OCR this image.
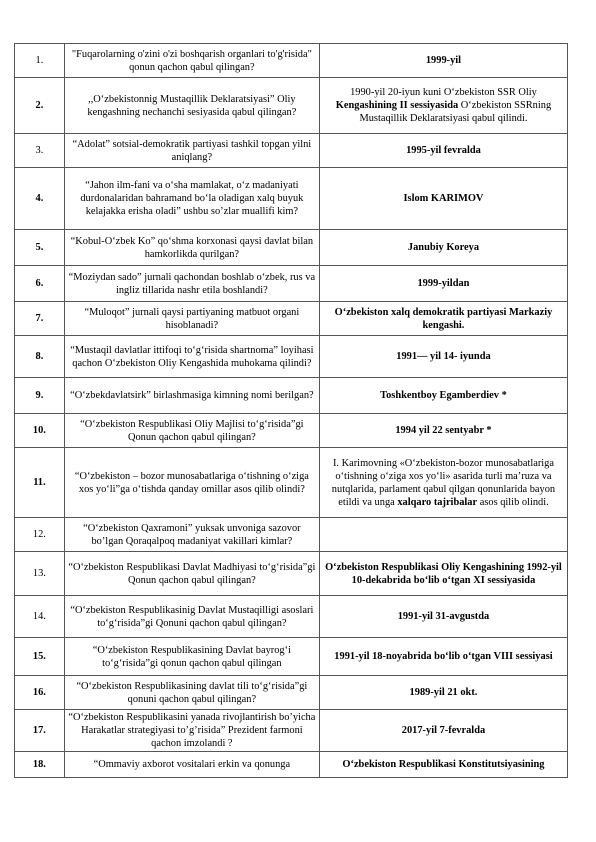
1.	"Fuqarolarning o'zini o'zi boshqarish organlari to'g'risida" qonun qachon qabul qilingan?	1999-yil
2.	,,O‘zbekistonnig Mustaqillik Deklaratsiyasi” Oliy kengashning nechanchi sesiyasida qabul qilingan?	1990-yil 20-iyun kuni O‘zbekiston SSR Oliy Kengashining II sessiyasida O‘zbekiston SSRning Mustaqillik Deklaratsiyasi qabul qilindi.
3.	“Adolat” sotsial-demokratik partiyasi tashkil topgan yilni aniqlang?	1995-yil fevralda
4.	“Jahon ilm-fani va o‘sha mamlakat, o‘z madaniyati durdonalaridan bahramand bo‘la oladigan xalq buyuk kelajakka erisha oladi” ushbu so’zlar muallifi kim?	Islom KARIMOV
5.	“Kobul-O‘zbek Ko” qo‘shma korxonasi qaysi davlat bilan hamkorlikda qurilgan?	Janubiy Koreya
6.	“Moziydan sado” jurnali qachondan boshlab o‘zbek, rus va ingliz tillarida nashr etila boshlandi?	1999-yildan
7.	“Muloqot” jurnali qaysi partiyaning matbuot organi hisoblanadi?	O‘zbekiston xalq demokratik partiyasi Markaziy kengashi.
8.	“Mustaqil davlatlar ittifoqi to‘g‘risida shartnoma” loyihasi qachon O‘zbekiston Oliy Kengashida muhokama qilindi?	1991— yil 14- iyunda
9.	“O‘zbekdavlatsirk” birlashmasiga kimning nomi berilgan?	Toshkentboy Egamberdiev *
10.	“O‘zbekiston Respublikasi Oliy Majlisi to‘g‘risida”gi Qonun qachon qabul qilingan?	1994 yil 22 sentyabr *
11.	“O‘zbekiston – bozor munosabatlariga o‘tishning o‘ziga xos yo‘li”ga o‘tishda qanday omillar asos qilib olindi?	I. Karimovning «O‘zbekiston-bozor munosabatlariga o‘tishning o‘ziga xos yo‘li» asarida turli ma’ruza va nutqlarida, parlament qabul qilgan qonunlarida bayon etildi va unga xalqaro tajribalar asos qilib olindi.
12.	“O‘zbekiston Qaxramoni” yuksak unvoniga sazovor bo’lgan Qoraqalpoq madaniyat vakillari kimlar?	
13.	“O‘zbekiston Respublikasi Davlat Madhiyasi to‘g‘risida”gi Qonun qachon qabul qilingan?	O‘zbekiston Respublikasi Oliy Kengashining 1992-yil 10-dekabrida bo‘lib o‘tgan XI sessiyasida
14.	“O‘zbekiston Respublikasinig Davlat Mustaqilligi asoslari to‘g‘risida”gi Qonuni qachon qabul qilingan?	1991-yil 31-avgustda
15.	“O‘zbekiston Respublikasining Davlat bayrog‘i to‘g‘risida”gi qonun qachon qabul qilingan	1991-yil 18-noyabrida bo‘lib o‘tgan VIII sessiyasi
16.	“O‘zbekiston Respublikasining davlat tili to‘g‘risida”gi qonuni qachon qabul qilingan?	1989-yil 21 okt.
17.	“O‘zbekiston Respublikasini yanada rivojlantirish bo’yicha Harakatlar strategiyasi to’g’risida” Prezident farmoni qachon imzolandi ?	2017-yil 7-fevralda
18.	“Ommaviy axborot vositalari erkin va qonunga	O‘zbekiston Respublikasi Konstitutsiyasining
